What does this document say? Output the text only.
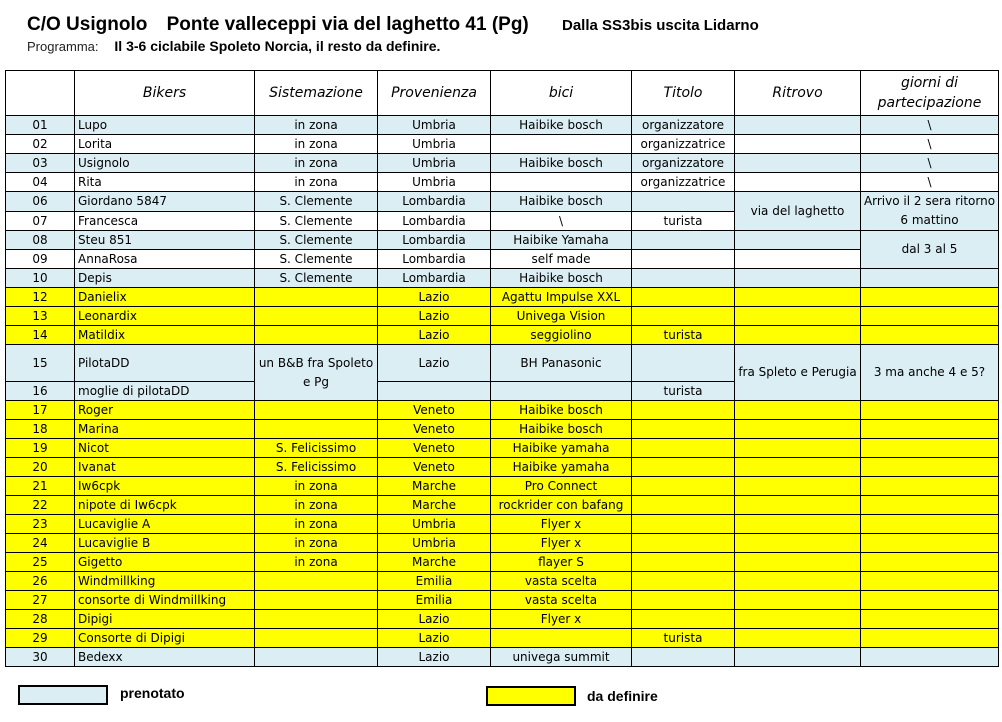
C/O Usignolo Ponte valleceppi via del laghetto 41 (Pg) Dalla SS3bis uscita Lidarno
Programma: Il 3-6 ciclabile Spoleto Norcia, il resto da definire.
	Bikers	Sistemazione	Provenienza	bici	Titolo	Ritrovo	giorni di partecipazione
01	Lupo	in zona	Umbria	Haibike bosch	organizzatore		\
02	Lorita	in zona	Umbria		organizzatrice		\
03	Usignolo	in zona	Umbria	Haibike bosch	organizzatore		\
04	Rita	in zona	Umbria		organizzatrice		\
06	Giordano 5847	S. Clemente	Lombardia	Haibike bosch		via del laghetto	Arrivo il 2 sera ritorno 6 mattino
07	Francesca	S. Clemente	Lombardia	\	turista		
08	Steu 851	S. Clemente	Lombardia	Haibike Yamaha			dal 3 al 5
09	AnnaRosa	S. Clemente	Lombardia	self made			
10	Depis	S. Clemente	Lombardia	Haibike bosch			
12	Danielix		Lazio	Agattu Impulse XXL			
13	Leonardix		Lazio	Univega Vision			
14	Matildix		Lazio	seggiolino	turista		
15	PilotaDD	un B&B fra Spoleto e Pg	Lazio	BH Panasonic		fra Spleto e Perugia	3 ma anche 4 e 5?
16	moglie di pilotaDD				turista		
17	Roger		Veneto	Haibike bosch			
18	Marina		Veneto	Haibike bosch			
19	Nicot	S. Felicissimo	Veneto	Haibike yamaha			
20	Ivanat	S. Felicissimo	Veneto	Haibike yamaha			
21	Iw6cpk	in zona	Marche	Pro Connect			
22	nipote di Iw6cpk	in zona	Marche	rockrider con bafang			
23	Lucaviglie A	in zona	Umbria	Flyer x			
24	Lucaviglie B	in zona	Umbria	Flyer x			
25	Gigetto	in zona	Marche	flayer S			
26	Windmillking		Emilia	vasta scelta			
27	consorte di Windmillking		Emilia	vasta scelta			
28	Dipigi		Lazio	Flyer x			
29	Consorte di Dipigi		Lazio		turista		
30	Bedexx		Lazio	univega summit			
prenotato	da definire
